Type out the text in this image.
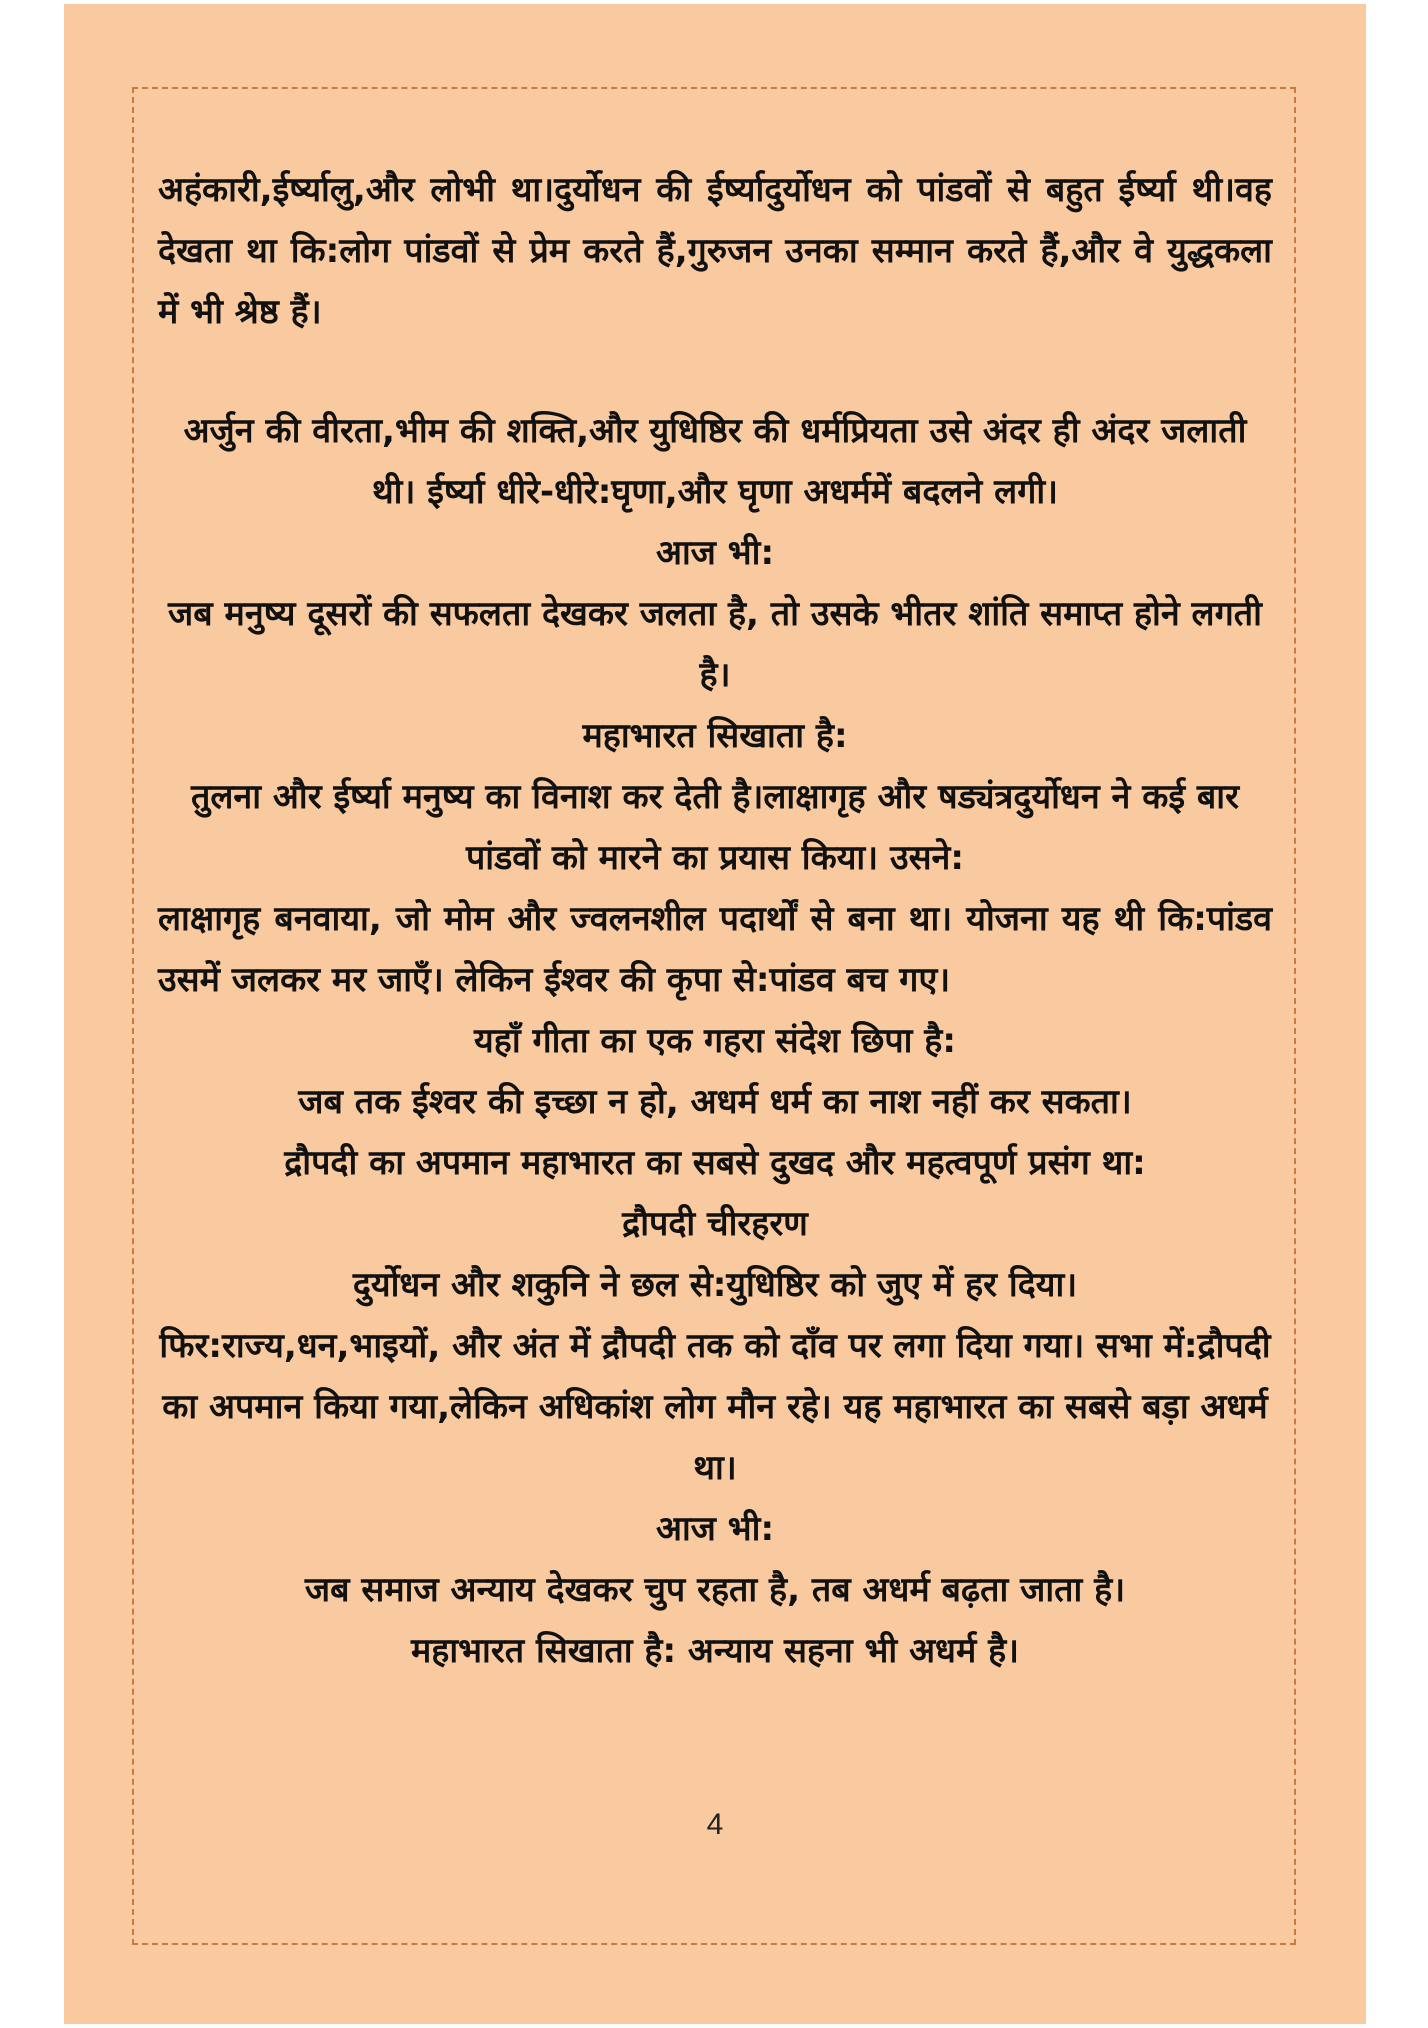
अहंकारी,ईर्ष्यालु,और लोभी था।दुर्योधन की ईर्ष्यादुर्योधन को पांडवों से बहुत ईर्ष्या थी।वह देखता था कि:लोग पांडवों से प्रेम करते हैं,गुरुजन उनका सम्मान करते हैं,और वे युद्धकला में भी श्रेष्ठ हैं।

अर्जुन की वीरता,भीम की शक्ति,और युधिष्ठिर की धर्मप्रियता उसे अंदर ही अंदर जलाती थी। ईर्ष्या धीरे-धीरे:घृणा,और घृणा अधर्ममें बदलने लगी।

आज भी:

जब मनुष्य दूसरों की सफलता देखकर जलता है, तो उसके भीतर शांति समाप्त होने लगती है।

महाभारत सिखाता है:

तुलना और ईर्ष्या मनुष्य का विनाश कर देती है।लाक्षागृह और षड्यंत्रदुर्योधन ने कई बार पांडवों को मारने का प्रयास किया। उसने:

लाक्षागृह बनवाया, जो मोम और ज्वलनशील पदार्थों से बना था। योजना यह थी कि:पांडव उसमें जलकर मर जाएँ। लेकिन ईश्वर की कृपा से:पांडव बच गए।

यहाँ गीता का एक गहरा संदेश छिपा है:

जब तक ईश्वर की इच्छा न हो, अधर्म धर्म का नाश नहीं कर सकता।

द्रौपदी का अपमान महाभारत का सबसे दुखद और महत्वपूर्ण प्रसंग था:

द्रौपदी चीरहरण

दुर्योधन और शकुनि ने छल से:युधिष्ठिर को जुए में हर दिया।

फिर:राज्य,धन,भाइयों, और अंत में द्रौपदी तक को दाँव पर लगा दिया गया। सभा में:द्रौपदी का अपमान किया गया,लेकिन अधिकांश लोग मौन रहे। यह महाभारत का सबसे बड़ा अधर्म था।

आज भी:

जब समाज अन्याय देखकर चुप रहता है, तब अधर्म बढ़ता जाता है।

महाभारत सिखाता है: अन्याय सहना भी अधर्म है।

4
